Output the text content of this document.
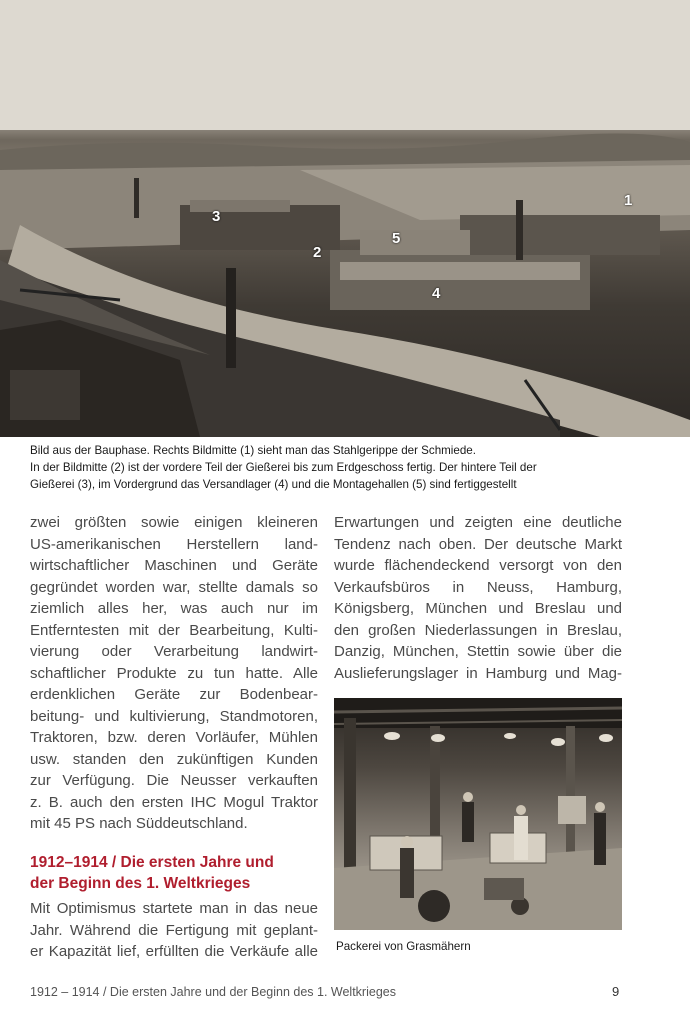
3
1
2
5
4
Bild aus der Bauphase. Rechts Bildmitte (1) sieht man das Stahlgerippe der Schmiede.
In der Bildmitte (2) ist der vordere Teil der Gießerei bis zum Erdgeschoss fertig. Der hintere Teil der
Gießerei (3), im Vordergrund das Versandlager (4) und die Montagehallen (5) sind fertiggestellt
zwei größten sowie einigen kleineren
US-amerikanischen Herstellern land-
wirtschaftlicher Maschinen und Geräte
gegründet worden war, stellte damals so
ziemlich alles her, was auch nur im
Entferntesten mit der Bearbeitung, Kulti-
vierung oder Verarbeitung landwirt-
schaftlicher Produkte zu tun hatte. Alle
erdenklichen Geräte zur Bodenbear-
beitung- und kultivierung, Standmotoren,
Traktoren, bzw. deren Vorläufer, Mühlen
usw. standen den zukünftigen Kunden
zur Verfügung. Die Neusser verkauften
z. B. auch den ersten IHC Mogul Traktor
mit 45 PS nach Süddeutschland.
1912–1914 / Die ersten Jahre und
der Beginn des 1. Weltkrieges
Mit Optimismus startete man in das neue
Jahr. Während die Fertigung mit geplant-
er Kapazität lief, erfüllten die Verkäufe alle
Erwartungen und zeigten eine deutliche
Tendenz nach oben. Der deutsche Markt
wurde flächendeckend versorgt von den
Verkaufsbüros in Neuss, Hamburg,
Königsberg, München und Breslau und
den großen Niederlassungen in Breslau,
Danzig, München, Stettin sowie über die
Auslieferungslager in Hamburg und Mag-
Packerei von Grasmähern
1912 – 1914 / Die ersten Jahre und der Beginn des 1. Weltkrieges	9
